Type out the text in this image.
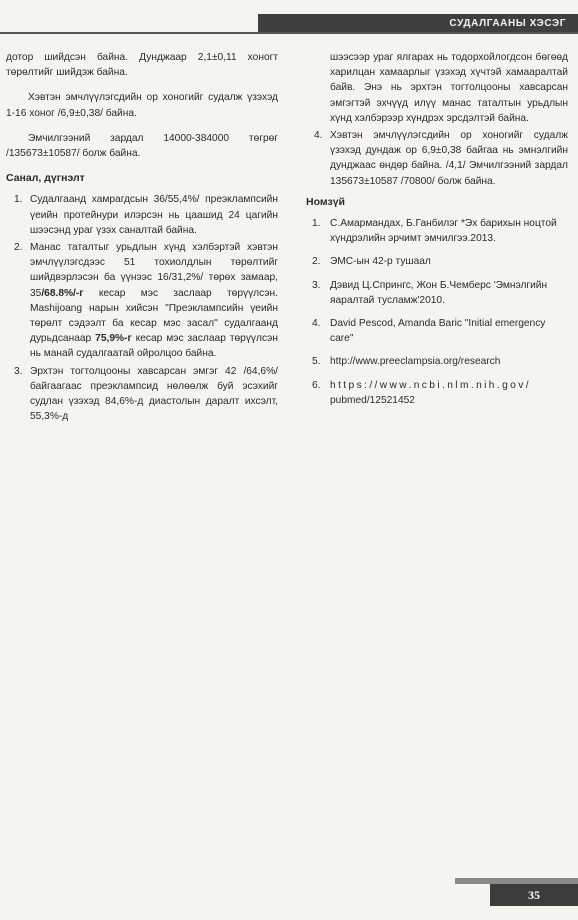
СУДАЛГААНЫ ХЭСЭГ

дотор шийдсэн байна. Дунджаар 2,1±0,11 хоногт төрөлтийг шийдэж байна.

Хэвтэн эмчлүүлэгсдийн ор хоногийг судалж үзэхэд 1-16 хоног /6,9±0,38/ байна.

Эмчилгээний зардал 14000-384000 төгрөг /135673±10587/ болж байна.

Санал, дүгнэлт
1. Судалгаанд хамрагдсын 36/55,4%/ преэклампсийн үеийн протейнури илэрсэн нь цаашид 24 цагийн шээсэнд ураг үзэх саналтай байна.
2. Манас таталтыг урьдлын хүнд хэлбэртэй хэвтэн эмчлүүлэгсдээс 51 тохиолдлын төрөлтийг шийдвэрлэсэн ба үүнээс 16/31,2%/ төрөх замаар, 35/68.8%/-г кесар мэс заслаар төрүүлсэн. Mashijoang нарын хийсэн "Преэклампсийн үеийн төрөлт сэдээлт ба кесар мэс засал" судалгаанд дурьдсанаар 75,9%-г кесар мэс заслаар төрүүлсэн нь манай судалгаатай ойролцоо байна.
3. Эрхтэн тогтолцооны хавсарсан эмгэг 42 /64,6%/ байгаагаас преэклампсид нөлөөлж буй эсэхийг судлан үзэхэд 84,6%-д диастолын даралт ихсэлт, 55,3%-д
шээсээр ураг ялгарах нь тодорхойлогдсон бөгөөд харилцан хамаарлыг үзэхэд хүчтэй хамааралтай байв. Энэ нь эрхтэн тогтолцооны хавсарсан эмгэгтэй эхчүүд илүү манас таталтын урьдлын хүнд хэлбэрээр хүндрэх эрсдэлтэй байна.
4. Хэвтэн эмчлүүлэгсдийн ор хоногийг судалж үзэхэд дундаж ор 6,9±0,38 байгаа нь эмнэлгийн дунджаас өндөр байна. /4,1/ Эмчилгээний зардал 135673±10587 /70800/ болж байна.
Номзүй
1. С.Амармандах, Б.Ганбилэг *Эх барихын ноцтой хүндрэлийн эрчимт эмчилгээ.2013.
2. ЭМС-ын 42-р тушаал
3. Дэвид Ц.Спрингс, Жон Б.Чемберс 'Эмнэлгийн яаралтай тусламж'2010.
4. David Pescod, Amanda Baric "Initial emergency care"
5. http://www.preeclampsia.org/research
6. https://www.ncbi.nlm.nih.gov/
pubmed/12521452
35
